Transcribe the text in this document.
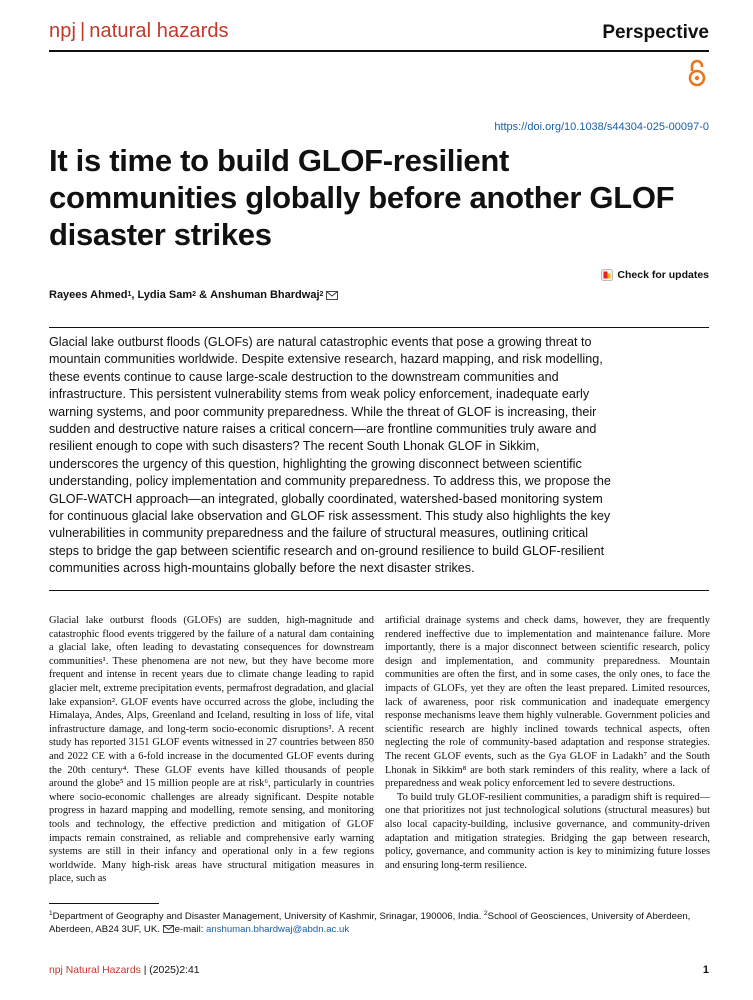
npj | natural hazards	Perspective
https://doi.org/10.1038/s44304-025-00097-0
It is time to build GLOF-resilient communities globally before another GLOF disaster strikes
Check for updates
Rayees Ahmed 1 , Lydia Sam 2 & Anshuman Bhardwaj 2

Glacial lake outburst floods (GLOFs) are natural catastrophic events that pose a growing threat to mountain communities worldwide. Despite extensive research, hazard mapping, and risk modelling, these events continue to cause large-scale destruction to the downstream communities and infrastructure. This persistent vulnerability stems from weak policy enforcement, inadequate early warning systems, and poor community preparedness. While the threat of GLOF is increasing, their sudden and destructive nature raises a critical concern—are frontline communities truly aware and resilient enough to cope with such disasters? The recent South Lhonak GLOF in Sikkim, underscores the urgency of this question, highlighting the growing disconnect between scientific understanding, policy implementation and community preparedness. To address this, we propose the GLOF-WATCH approach—an integrated, globally coordinated, watershed-based monitoring system for continuous glacial lake observation and GLOF risk assessment. This study also highlights the key vulnerabilities in community preparedness and the failure of structural measures, outlining critical steps to bridge the gap between scientific research and on-ground resilience to build GLOF-resilient communities across high-mountains globally before the next disaster strikes.

Glacial lake outburst floods (GLOFs) are sudden, high-magnitude and catastrophic flood events triggered by the failure of a natural dam containing a glacial lake, often leading to devastating consequences for downstream communities¹. These phenomena are not new, but they have become more frequent and intense in recent years due to climate change leading to rapid glacier melt, extreme precipitation events, permafrost degradation, and glacial lake expansion². GLOF events have occurred across the globe, including the Himalaya, Andes, Alps, Greenland and Iceland, resulting in loss of life, vital infrastructure damage, and long-term socio-economic disruptions³. A recent study has reported 3151 GLOF events witnessed in 27 countries between 850 and 2022 CE with a 6-fold increase in the documented GLOF events during the 20th century⁴. These GLOF events have killed thousands of people around the globe⁵ and 15 million people are at risk⁶, particularly in countries where socio-economic challenges are already significant. Despite notable progress in hazard mapping and modelling, remote sensing, and monitoring tools and technology, the effective prediction and mitigation of GLOF impacts remain constrained, as reliable and comprehensive early warning systems are still in their infancy and operational only in a few regions worldwide. Many high-risk areas have structural mitigation measures in place, such as

artificial drainage systems and check dams, however, they are frequently rendered ineffective due to implementation and maintenance failure. More importantly, there is a major disconnect between scientific research, policy design and implementation, and community preparedness. Mountain communities are often the first, and in some cases, the only ones, to face the impacts of GLOFs, yet they are often the least prepared. Limited resources, lack of awareness, poor risk communication and inadequate emergency response mechanisms leave them highly vulnerable. Government policies and scientific research are highly inclined towards technical aspects, often neglecting the role of community-based adaptation and response strategies. The recent GLOF events, such as the Gya GLOF in Ladakh⁷ and the South Lhonak in Sikkim⁸ are both stark reminders of this reality, where a lack of preparedness and weak policy enforcement led to severe destructions.

To build truly GLOF-resilient communities, a paradigm shift is required—one that prioritizes not just technological solutions (structural measures) but also local capacity-building, inclusive governance, and community-driven adaptation and mitigation strategies. Bridging the gap between research, policy, governance, and community action is key to minimizing future losses and ensuring long-term resilience.

$^1$Department of Geography and Disaster Management, University of Kashmir, Srinagar, 190006, India. $^2$School of Geosciences, University of Aberdeen, Aberdeen, AB24 3UF, UK. e-mail: anshuman.bhardwaj@abdn.ac.uk
npj Natural Hazards | (2025)2:41	1
